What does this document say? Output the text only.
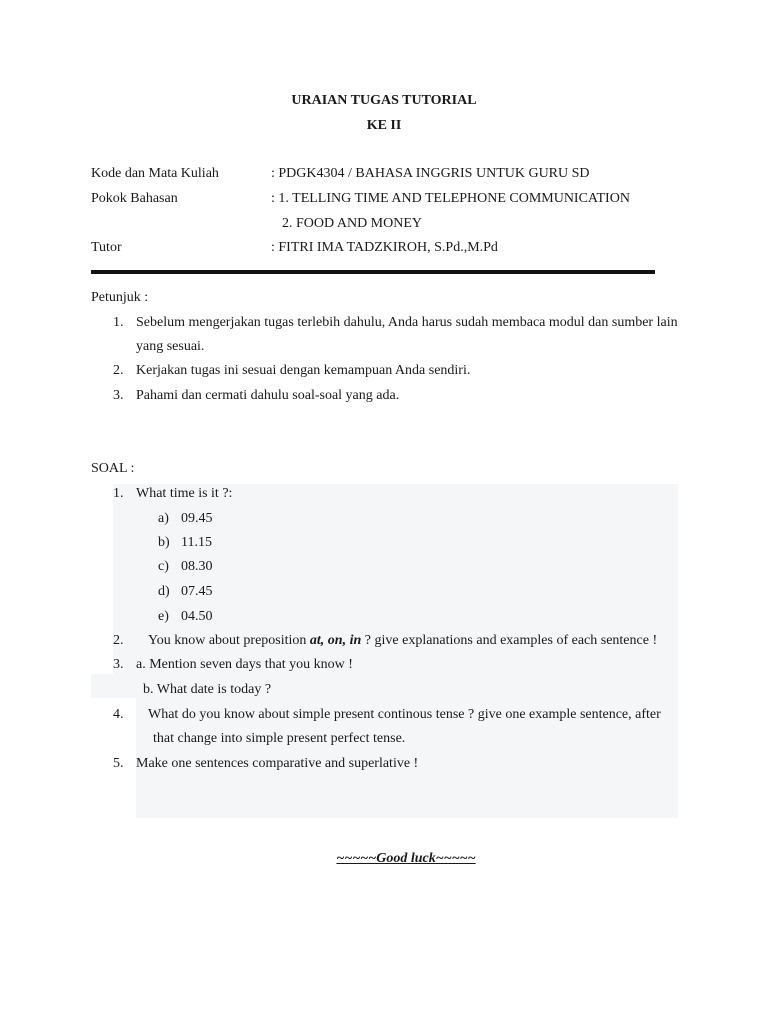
URAIAN TUGAS TUTORIAL
KE II
Kode dan Mata Kuliah	: PDGK4304 / BAHASA INGGRIS UNTUK GURU SD
Pokok Bahasan	: 1. TELLING TIME AND TELEPHONE COMMUNICATION
2. FOOD AND MONEY
Tutor	: FITRI IMA TADZKIROH, S.Pd.,M.Pd
Petunjuk :
1. Sebelum mengerjakan tugas terlebih dahulu, Anda harus sudah membaca modul dan sumber lain
yang sesuai.
2. Kerjakan tugas ini sesuai dengan kemampuan Anda sendiri.
3. Pahami dan cermati dahulu soal-soal yang ada.
SOAL :
1. What time is it ?:
a) 09.45
b) 11.15
c) 08.30
d) 07.45
e) 04.50
2. You know about preposition at, on, in ? give explanations and examples of each sentence !
3. a. Mention seven days that you know !
b. What date is today ?
4. What do you know about simple present continous tense ? give one example sentence, after
that change into simple present perfect tense.
5. Make one sentences comparative and superlative !
~~~~~Good luck~~~~~
